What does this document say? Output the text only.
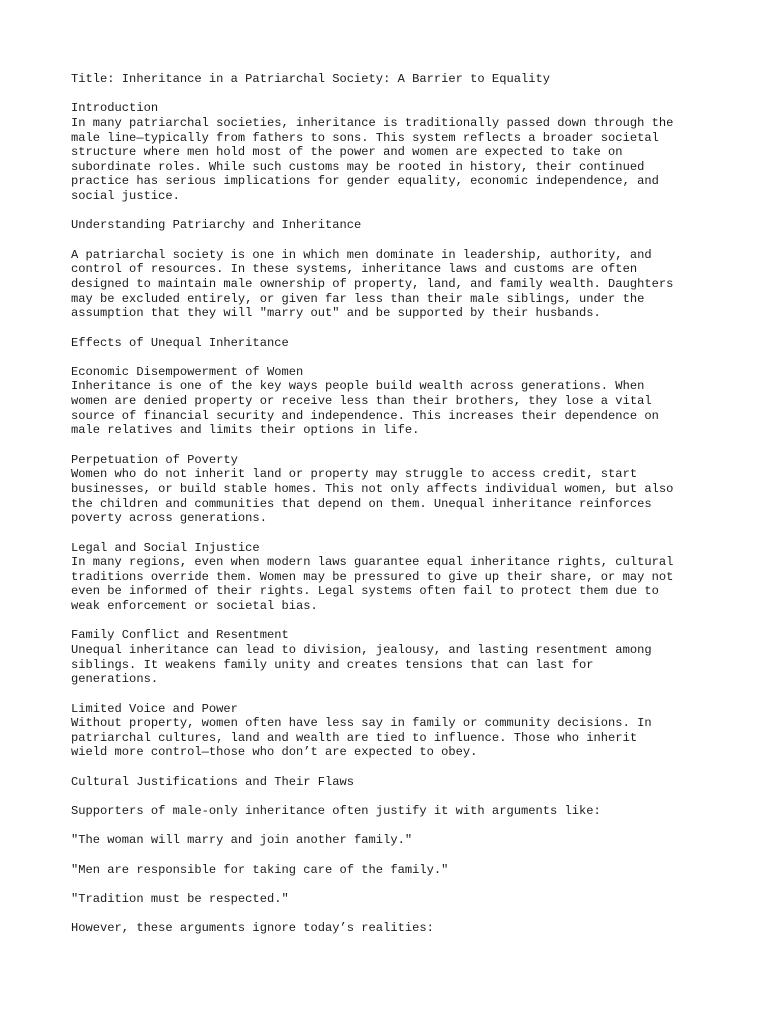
Title: Inheritance in a Patriarchal Society: A Barrier to Equality
Introduction
In many patriarchal societies, inheritance is traditionally passed down through the
male line—typically from fathers to sons. This system reflects a broader societal
structure where men hold most of the power and women are expected to take on
subordinate roles. While such customs may be rooted in history, their continued
practice has serious implications for gender equality, economic independence, and
social justice.
Understanding Patriarchy and Inheritance
A patriarchal society is one in which men dominate in leadership, authority, and
control of resources. In these systems, inheritance laws and customs are often
designed to maintain male ownership of property, land, and family wealth. Daughters
may be excluded entirely, or given far less than their male siblings, under the
assumption that they will "marry out" and be supported by their husbands.
Effects of Unequal Inheritance
Economic Disempowerment of Women
Inheritance is one of the key ways people build wealth across generations. When
women are denied property or receive less than their brothers, they lose a vital
source of financial security and independence. This increases their dependence on
male relatives and limits their options in life.
Perpetuation of Poverty
Women who do not inherit land or property may struggle to access credit, start
businesses, or build stable homes. This not only affects individual women, but also
the children and communities that depend on them. Unequal inheritance reinforces
poverty across generations.
Legal and Social Injustice
In many regions, even when modern laws guarantee equal inheritance rights, cultural
traditions override them. Women may be pressured to give up their share, or may not
even be informed of their rights. Legal systems often fail to protect them due to
weak enforcement or societal bias.
Family Conflict and Resentment
Unequal inheritance can lead to division, jealousy, and lasting resentment among
siblings. It weakens family unity and creates tensions that can last for
generations.
Limited Voice and Power
Without property, women often have less say in family or community decisions. In
patriarchal cultures, land and wealth are tied to influence. Those who inherit
wield more control—those who don’t are expected to obey.
Cultural Justifications and Their Flaws
Supporters of male-only inheritance often justify it with arguments like:
"The woman will marry and join another family."
"Men are responsible for taking care of the family."
"Tradition must be respected."
However, these arguments ignore today’s realities:
